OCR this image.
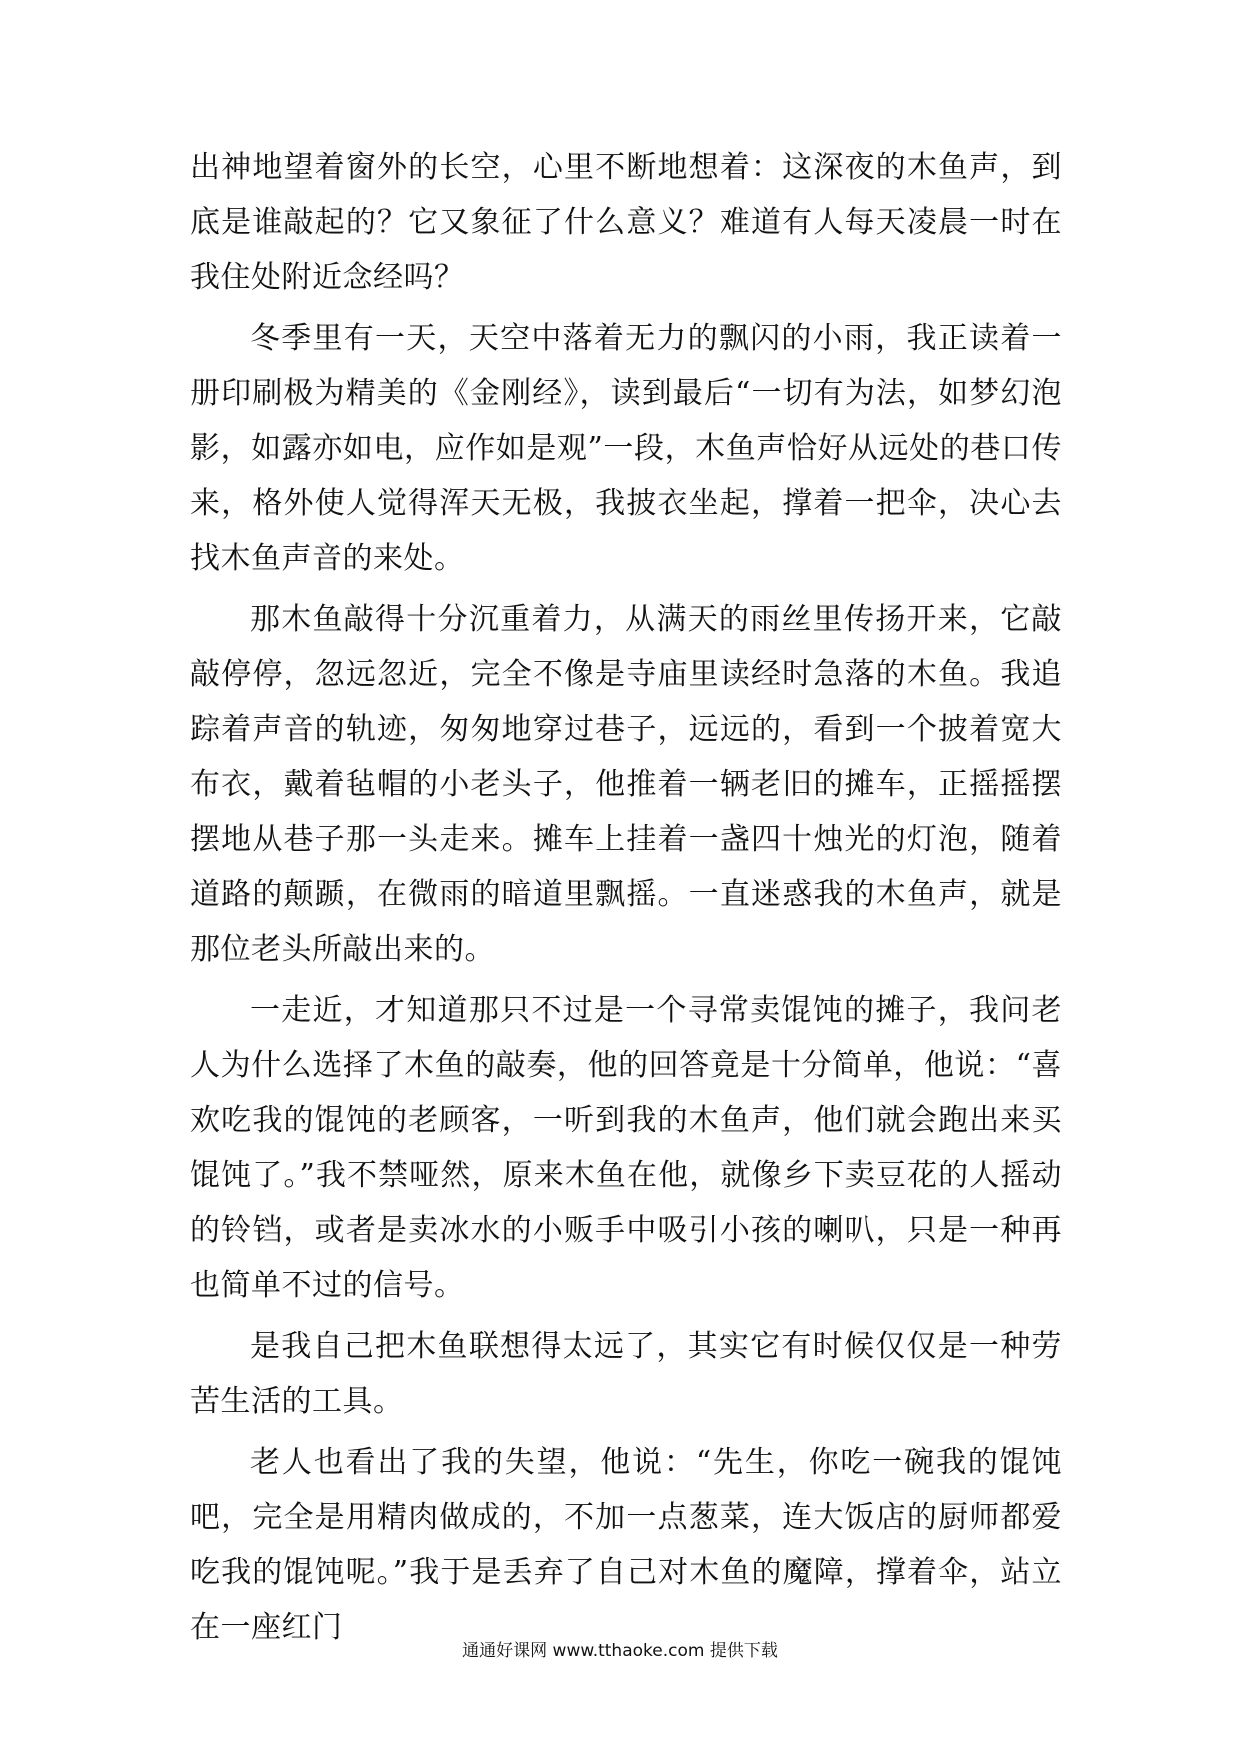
出神地望着窗外的长空，心里不断地想着：这深夜的木鱼声，到底是谁敲起的？它又象征了什么意义？难道有人每天凌晨一时在我住处附近念经吗？

冬季里有一天，天空中落着无力的飘闪的小雨，我正读着一册印刷极为精美的《金刚经》，读到最后“一切有为法，如梦幻泡影，如露亦如电，应作如是观”一段，木鱼声恰好从远处的巷口传来，格外使人觉得浑天无极，我披衣坐起，撑着一把伞，决心去找木鱼声音的来处。

那木鱼敲得十分沉重着力，从满天的雨丝里传扬开来，它敲敲停停，忽远忽近，完全不像是寺庙里读经时急落的木鱼。我追踪着声音的轨迹，匆匆地穿过巷子，远远的，看到一个披着宽大布衣，戴着毡帽的小老头子，他推着一辆老旧的摊车，正摇摇摆摆地从巷子那一头走来。摊车上挂着一盏四十烛光的灯泡，随着道路的颠踬，在微雨的暗道里飘摇。一直迷惑我的木鱼声，就是那位老头所敲出来的。

一走近，才知道那只不过是一个寻常卖馄饨的摊子，我问老人为什么选择了木鱼的敲奏，他的回答竟是十分简单，他说：“喜欢吃我的馄饨的老顾客，一听到我的木鱼声，他们就会跑出来买馄饨了。”我不禁哑然，原来木鱼在他，就像乡下卖豆花的人摇动的铃铛，或者是卖冰水的小贩手中吸引小孩的喇叭，只是一种再也简单不过的信号。

是我自己把木鱼联想得太远了，其实它有时候仅仅是一种劳苦生活的工具。

老人也看出了我的失望，他说：“先生，你吃一碗我的馄饨吧，完全是用精肉做成的，不加一点葱菜，连大饭店的厨师都爱吃我的馄饨呢。”我于是丢弃了自己对木鱼的魔障，撑着伞，站立在一座红门

通通好课网 www.tthaoke.com 提供下载
